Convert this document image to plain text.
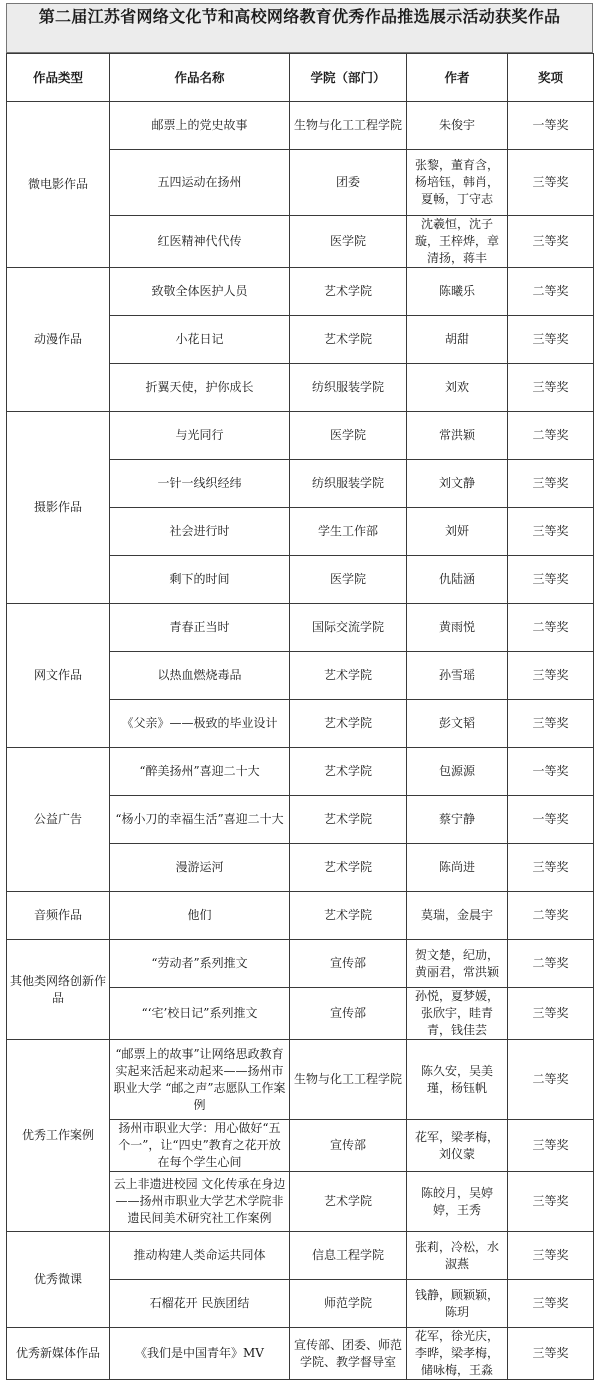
第二届江苏省网络文化节和高校网络教育优秀作品推选展示活动获奖作品
作品类型	作品名称	学院（部门）	作者	奖项
微电影作品	邮票上的党史故事	生物与化工工程学院	朱俊宇	一等奖
	五四运动在扬州	团委	张黎，董育含，杨培钰，韩肖，夏畅，丁守志	三等奖
	红医精神代代传	医学院	沈羲恒，沈子璇，王梓烨，章清扬，蒋丰	三等奖
动漫作品	致敬全体医护人员	艺术学院	陈曦乐	二等奖
	小花日记	艺术学院	胡甜	三等奖
	折翼天使，护你成长	纺织服装学院	刘欢	三等奖
摄影作品	与光同行	医学院	常洪颖	二等奖
	一针一线织经纬	纺织服装学院	刘文静	三等奖
	社会进行时	学生工作部	刘妍	三等奖
	剩下的时间	医学院	仇陆涵	三等奖
网文作品	青春正当时	国际交流学院	黄雨悦	二等奖
	以热血燃烧毒品	艺术学院	孙雪瑶	三等奖
	《父亲》——极致的毕业设计	艺术学院	彭文韬	三等奖
公益广告	“醉美扬州”喜迎二十大	艺术学院	包源源	一等奖
	“杨小刀的幸福生活”喜迎二十大	艺术学院	蔡宁静	一等奖
	漫游运河	艺术学院	陈尚进	三等奖
音频作品	他们	艺术学院	莫瑞，金晨宇	二等奖
其他类网络创新作品	“劳动者”系列推文	宣传部	贺文楚，纪劢，黄丽君，常洪颖	二等奖
	“‘宅’校日记”系列推文	宣传部	孙悦，夏梦媛，张欣宇，眭青青，钱佳芸	三等奖
优秀工作案例	“邮票上的故事”让网络思政教育实起来活起来动起来——扬州市职业大学 “邮之声”志愿队工作案例	生物与化工工程学院	陈久安，吴美瑾，杨钰帆	二等奖
	扬州市职业大学：用心做好“五个一”，让“四史”教育之花开放在每个学生心间	宣传部	花军，梁孝梅，刘仪蒙	三等奖
	云上非遗进校园 文化传承在身边 ——扬州市职业大学艺术学院非遗民间美术研究社工作案例	艺术学院	陈皎月，吴婷婷，王秀	三等奖
优秀微课	推动构建人类命运共同体	信息工程学院	张莉，冷松，水淑燕	三等奖
	石榴花开 民族团结	师范学院	钱静，顾颖颖，陈玥	三等奖
优秀新媒体作品	《我们是中国青年》MV	宣传部、团委、师范学院、教学督导室	花军，徐光庆，李晔，梁孝梅，储咏梅，王淼	三等奖
